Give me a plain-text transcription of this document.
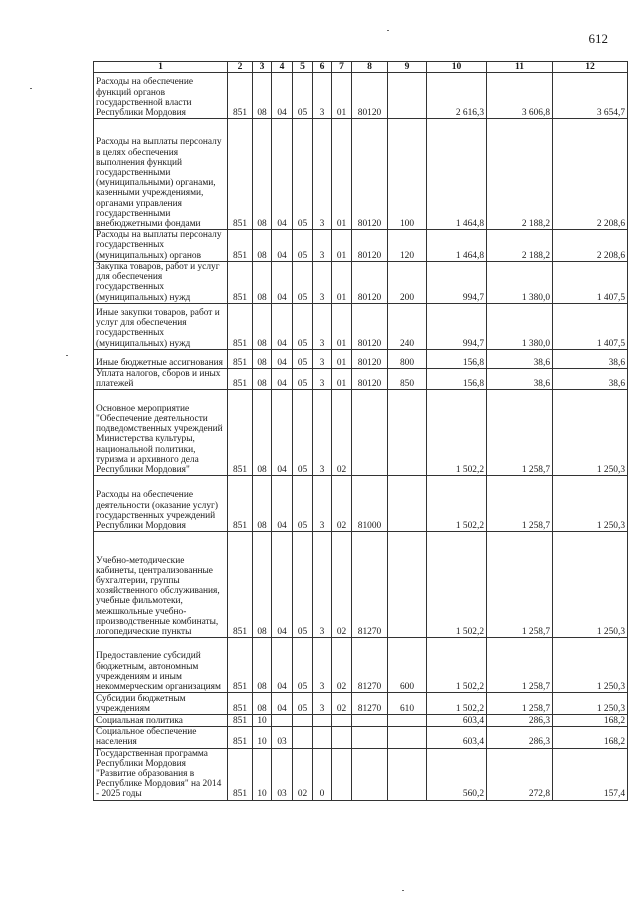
612
1	2	3	4	5	6	7	8	9	10	11	12
Расходы на обеспечение функций органов государственной власти Республики Мордовия	851	08	04	05	3	01	80120		2 616,3	3 606,8	3 654,7
Расходы на выплаты персоналу в целях обеспечения выполнения функций государственными (муниципальными) органами, казенными учреждениями, органами управления государственными внебюджетными фондами	851	08	04	05	3	01	80120	100	1 464,8	2 188,2	2 208,6
Расходы на выплаты персоналу государственных (муниципальных) органов	851	08	04	05	3	01	80120	120	1 464,8	2 188,2	2 208,6
Закупка товаров, работ и услуг для обеспечения государственных (муниципальных) нужд	851	08	04	05	3	01	80120	200	994,7	1 380,0	1 407,5
Иные закупки товаров, работ и услуг для обеспечения государственных (муниципальных) нужд	851	08	04	05	3	01	80120	240	994,7	1 380,0	1 407,5
Иные бюджетные ассигнования	851	08	04	05	3	01	80120	800	156,8	38,6	38,6
Уплата налогов, сборов и иных платежей	851	08	04	05	3	01	80120	850	156,8	38,6	38,6
Основное мероприятие "Обеспечение деятельности подведомственных учреждений Министерства культуры, национальной политики, туризма и архивного дела Республики Мордовия"	851	08	04	05	3	02			1 502,2	1 258,7	1 250,3
Расходы на обеспечение деятельности (оказание услуг) государственных учреждений Республики Мордовия	851	08	04	05	3	02	81000		1 502,2	1 258,7	1 250,3
Учебно-методические кабинеты, централизованные бухгалтерии, группы хозяйственного обслуживания, учебные фильмотеки, межшкольные учебно-производственные комбинаты, логопедические пункты	851	08	04	05	3	02	81270		1 502,2	1 258,7	1 250,3
Предоставление субсидий бюджетным, автономным учреждениям и иным некоммерческим организациям	851	08	04	05	3	02	81270	600	1 502,2	1 258,7	1 250,3
Субсидии бюджетным учреждениям	851	08	04	05	3	02	81270	610	1 502,2	1 258,7	1 250,3
Социальная политика	851	10							603,4	286,3	168,2
Социальное обеспечение населения	851	10	03						603,4	286,3	168,2
Государственная программа Республики Мордовия "Развитие образования в Республике Мордовия" на 2014 - 2025 годы	851	10	03	02	0				560,2	272,8	157,4
